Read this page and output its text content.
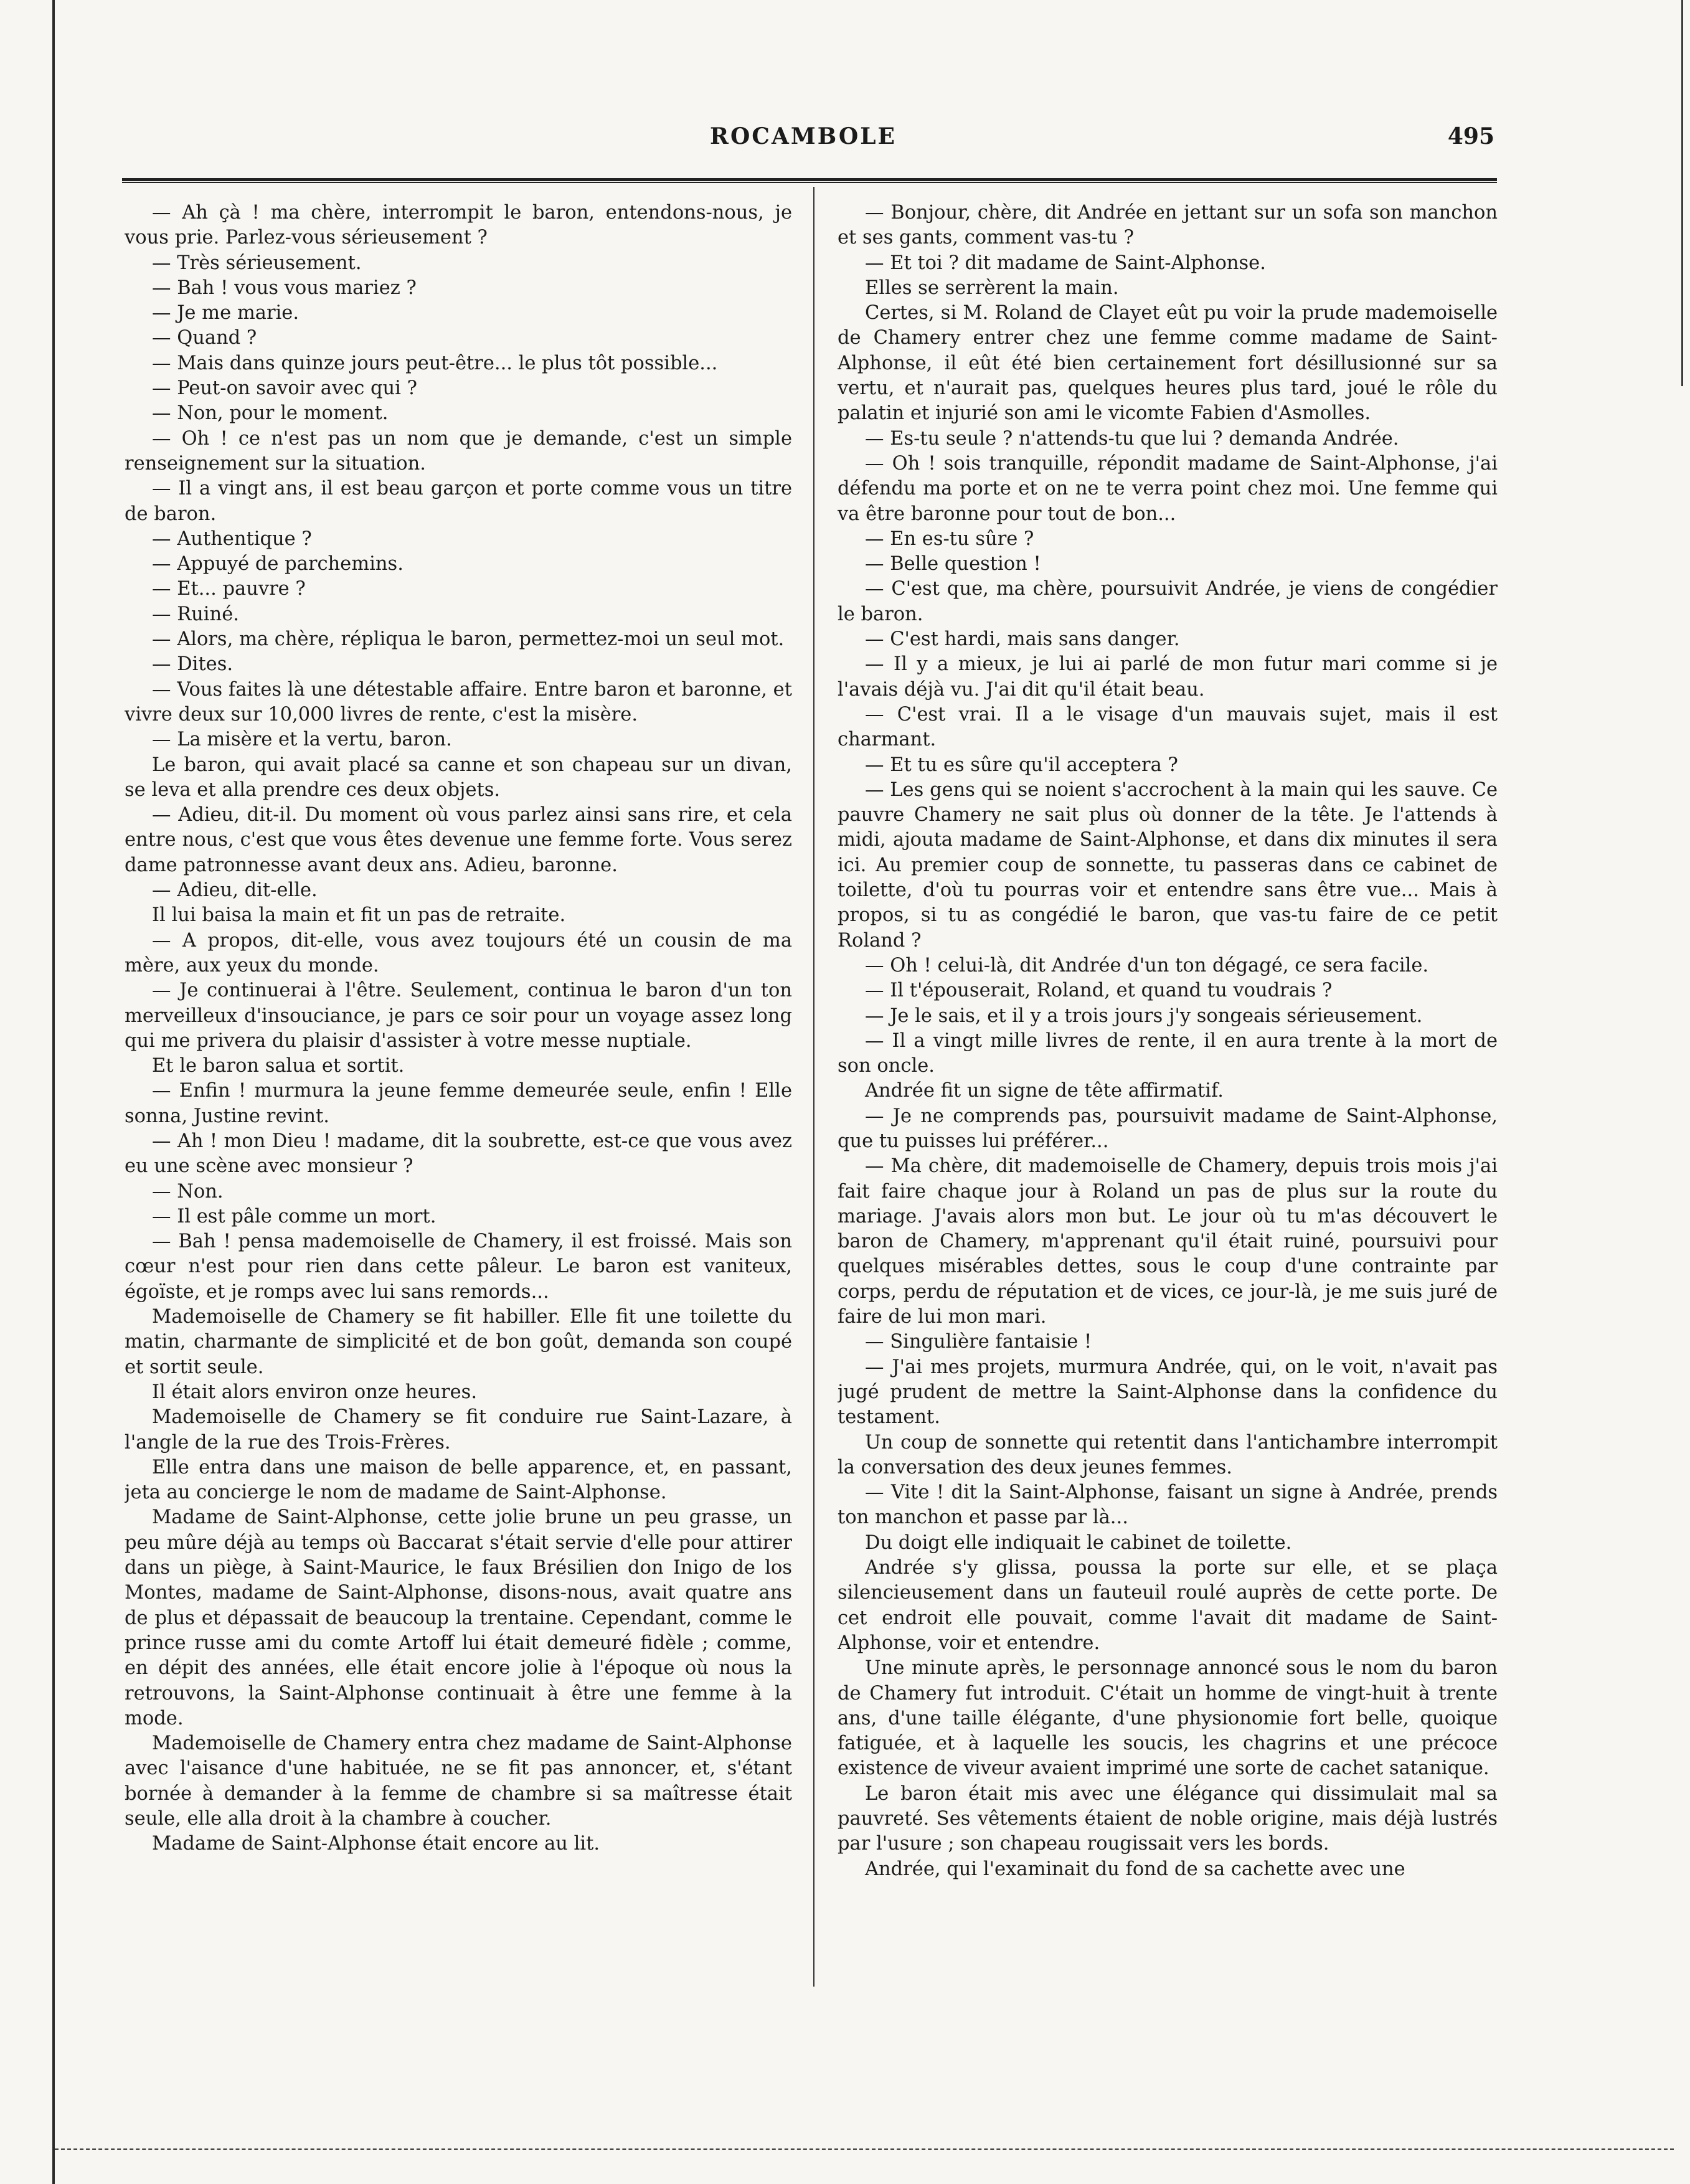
ROCAMBOLE	495

— Ah çà ! ma chère, interrompit le baron, entendons-nous, je vous prie. Parlez-vous sérieusement ?

— Très sérieusement.

— Bah ! vous vous mariez ?

— Je me marie.

— Quand ?

— Mais dans quinze jours peut-être... le plus tôt possible...

— Peut-on savoir avec qui ?

— Non, pour le moment.

— Oh ! ce n'est pas un nom que je demande, c'est un simple renseignement sur la situation.

— Il a vingt ans, il est beau garçon et porte comme vous un titre de baron.

— Authentique ?

— Appuyé de parchemins.

— Et... pauvre ?

— Ruiné.

— Alors, ma chère, répliqua le baron, permettez-moi un seul mot.

— Dites.

— Vous faites là une détestable affaire. Entre baron et baronne, et vivre deux sur 10,000 livres de rente, c'est la misère.

— La misère et la vertu, baron.

Le baron, qui avait placé sa canne et son chapeau sur un divan, se leva et alla prendre ces deux objets.

— Adieu, dit-il. Du moment où vous parlez ainsi sans rire, et cela entre nous, c'est que vous êtes devenue une femme forte. Vous serez dame patronnesse avant deux ans. Adieu, baronne.

— Adieu, dit-elle.

Il lui baisa la main et fit un pas de retraite.

— A propos, dit-elle, vous avez toujours été un cousin de ma mère, aux yeux du monde.

— Je continuerai à l'être. Seulement, continua le baron d'un ton merveilleux d'insouciance, je pars ce soir pour un voyage assez long qui me privera du plaisir d'assister à votre messe nuptiale.

Et le baron salua et sortit.

— Enfin ! murmura la jeune femme demeurée seule, enfin ! Elle sonna, Justine revint.

— Ah ! mon Dieu ! madame, dit la soubrette, est-ce que vous avez eu une scène avec monsieur ?

— Non.

— Il est pâle comme un mort.

— Bah ! pensa mademoiselle de Chamery, il est froissé. Mais son cœur n'est pour rien dans cette pâleur. Le baron est vaniteux, égoïste, et je romps avec lui sans remords...

Mademoiselle de Chamery se fit habiller. Elle fit une toilette du matin, charmante de simplicité et de bon goût, demanda son coupé et sortit seule.

Il était alors environ onze heures.

Mademoiselle de Chamery se fit conduire rue Saint-Lazare, à l'angle de la rue des Trois-Frères.

Elle entra dans une maison de belle apparence, et, en passant, jeta au concierge le nom de madame de Saint-Alphonse.

Madame de Saint-Alphonse, cette jolie brune un peu grasse, un peu mûre déjà au temps où Baccarat s'était servie d'elle pour attirer dans un piège, à Saint-Maurice, le faux Brésilien don Inigo de los Montes, madame de Saint-Alphonse, disons-nous, avait quatre ans de plus et dépassait de beaucoup la trentaine. Cependant, comme le prince russe ami du comte Artoff lui était demeuré fidèle ; comme, en dépit des années, elle était encore jolie à l'époque où nous la retrouvons, la Saint-Alphonse continuait à être une femme à la mode.

Mademoiselle de Chamery entra chez madame de Saint-Alphonse avec l'aisance d'une habituée, ne se fit pas annoncer, et, s'étant bornée à demander à la femme de chambre si sa maîtresse était seule, elle alla droit à la chambre à coucher.

Madame de Saint-Alphonse était encore au lit.

— Bonjour, chère, dit Andrée en jettant sur un sofa son manchon et ses gants, comment vas-tu ?

— Et toi ? dit madame de Saint-Alphonse.

Elles se serrèrent la main.

Certes, si M. Roland de Clayet eût pu voir la prude mademoiselle de Chamery entrer chez une femme comme madame de Saint-Alphonse, il eût été bien certainement fort désillusionné sur sa vertu, et n'aurait pas, quelques heures plus tard, joué le rôle du palatin et injurié son ami le vicomte Fabien d'Asmolles.

— Es-tu seule ? n'attends-tu que lui ? demanda Andrée.

— Oh ! sois tranquille, répondit madame de Saint-Alphonse, j'ai défendu ma porte et on ne te verra point chez moi. Une femme qui va être baronne pour tout de bon...

— En es-tu sûre ?

— Belle question !

— C'est que, ma chère, poursuivit Andrée, je viens de congédier le baron.

— C'est hardi, mais sans danger.

— Il y a mieux, je lui ai parlé de mon futur mari comme si je l'avais déjà vu. J'ai dit qu'il était beau.

— C'est vrai. Il a le visage d'un mauvais sujet, mais il est charmant.

— Et tu es sûre qu'il acceptera ?

— Les gens qui se noient s'accrochent à la main qui les sauve. Ce pauvre Chamery ne sait plus où donner de la tête. Je l'attends à midi, ajouta madame de Saint-Alphonse, et dans dix minutes il sera ici. Au premier coup de sonnette, tu passeras dans ce cabinet de toilette, d'où tu pourras voir et entendre sans être vue... Mais à propos, si tu as congédié le baron, que vas-tu faire de ce petit Roland ?

— Oh ! celui-là, dit Andrée d'un ton dégagé, ce sera facile.

— Il t'épouserait, Roland, et quand tu voudrais ?

— Je le sais, et il y a trois jours j'y songeais sérieusement.

— Il a vingt mille livres de rente, il en aura trente à la mort de son oncle.

Andrée fit un signe de tête affirmatif.

— Je ne comprends pas, poursuivit madame de Saint-Alphonse, que tu puisses lui préférer...

— Ma chère, dit mademoiselle de Chamery, depuis trois mois j'ai fait faire chaque jour à Roland un pas de plus sur la route du mariage. J'avais alors mon but. Le jour où tu m'as découvert le baron de Chamery, m'apprenant qu'il était ruiné, poursuivi pour quelques misérables dettes, sous le coup d'une contrainte par corps, perdu de réputation et de vices, ce jour-là, je me suis juré de faire de lui mon mari.

— Singulière fantaisie !

— J'ai mes projets, murmura Andrée, qui, on le voit, n'avait pas jugé prudent de mettre la Saint-Alphonse dans la confidence du testament.

Un coup de sonnette qui retentit dans l'antichambre interrompit la conversation des deux jeunes femmes.

— Vite ! dit la Saint-Alphonse, faisant un signe à Andrée, prends ton manchon et passe par là...

Du doigt elle indiquait le cabinet de toilette.

Andrée s'y glissa, poussa la porte sur elle, et se plaça silencieusement dans un fauteuil roulé auprès de cette porte. De cet endroit elle pouvait, comme l'avait dit madame de Saint-Alphonse, voir et entendre.

Une minute après, le personnage annoncé sous le nom du baron de Chamery fut introduit. C'était un homme de vingt-huit à trente ans, d'une taille élégante, d'une physionomie fort belle, quoique fatiguée, et à laquelle les soucis, les chagrins et une précoce existence de viveur avaient imprimé une sorte de cachet satanique.

Le baron était mis avec une élégance qui dissimulait mal sa pauvreté. Ses vêtements étaient de noble origine, mais déjà lustrés par l'usure ; son chapeau rougissait vers les bords.

Andrée, qui l'examinait du fond de sa cachette avec une
